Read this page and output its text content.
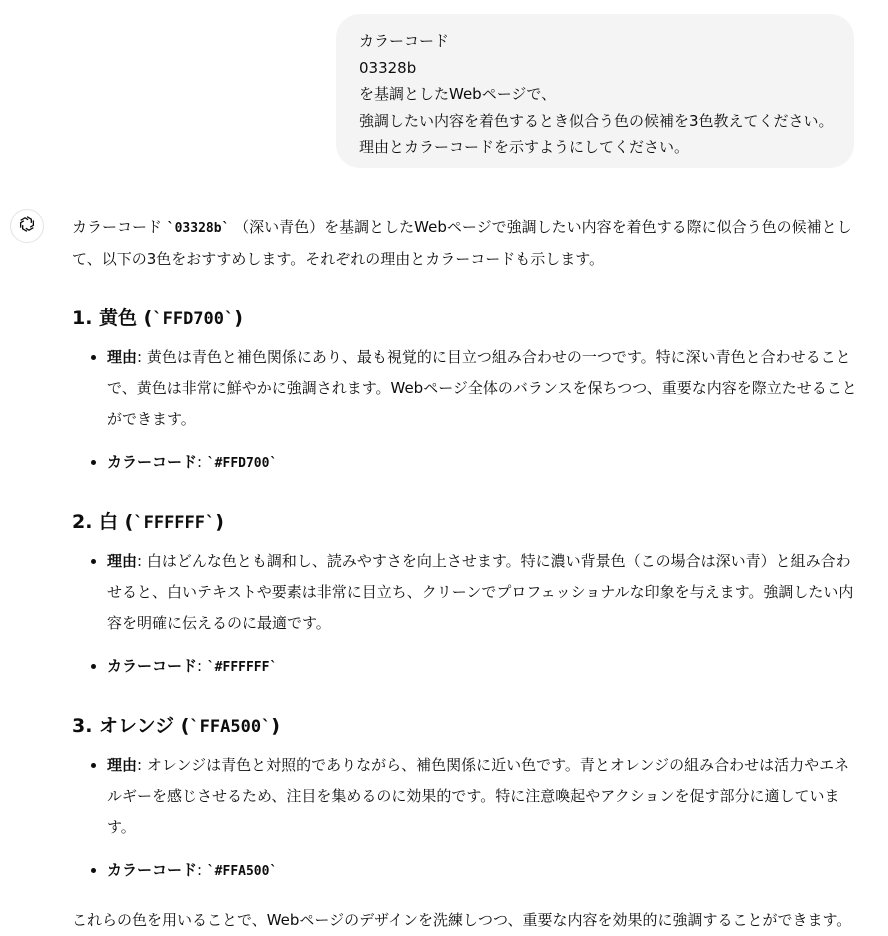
カラーコード
03328b
を基調としたWebページで、
強調したい内容を着色するとき似合う色の候補を3色教えてください。
理由とカラーコードを示すようにしてください。

カラーコード `03328b` （深い青色）を基調としたWebページで強調したい内容を着色する際に似合う色の候補として、以下の3色をおすすめします。それぞれの理由とカラーコードも示します。

1. 黄色 (`FFD700`)
• 理由: 黄色は青色と補色関係にあり、最も視覚的に目立つ組み合わせの一つです。特に深い青色と合わせることで、黄色は非常に鮮やかに強調されます。Webページ全体のバランスを保ちつつ、重要な内容を際立たせることができます。
• カラーコード: `#FFD700`
2. 白 (`FFFFFF`)
• 理由: 白はどんな色とも調和し、読みやすさを向上させます。特に濃い背景色（この場合は深い青）と組み合わせると、白いテキストや要素は非常に目立ち、クリーンでプロフェッショナルな印象を与えます。強調したい内容を明確に伝えるのに最適です。
• カラーコード: `#FFFFFF`
3. オレンジ (`FFA500`)
• 理由: オレンジは青色と対照的でありながら、補色関係に近い色です。青とオレンジの組み合わせは活力やエネルギーを感じさせるため、注目を集めるのに効果的です。特に注意喚起やアクションを促す部分に適しています。
• カラーコード: `#FFA500`

これらの色を用いることで、Webページのデザインを洗練しつつ、重要な内容を効果的に強調することができます。
